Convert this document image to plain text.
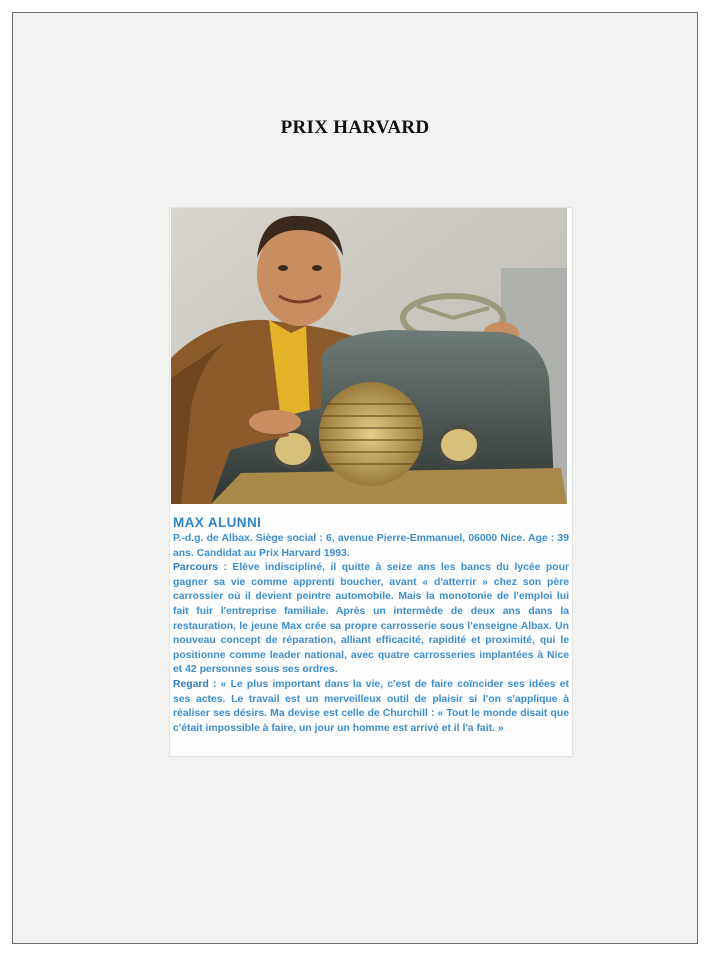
PRIX HARVARD
MAX ALUNNI

P.-d.g. de Albax. Siège social : 6, avenue Pierre-Emmanuel, 06000 Nice. Age : 39 ans. Candidat au Prix Harvard 1993.

Parcours : Elève indiscipliné, il quitte à seize ans les bancs du lycée pour gagner sa vie comme apprenti boucher, avant « d'atterrir » chez son père carrossier où il devient peintre automobile. Mais la monotonie de l'emploi lui fait fuir l'entreprise familiale. Après un intermède de deux ans dans la restauration, le jeune Max crée sa propre carrosserie sous l'enseigne Albax. Un nouveau concept de réparation, alliant efficacité, rapidité et proximité, qui le positionne comme leader national, avec quatre carrosseries implantées à Nice et 42 personnes sous ses ordres.

Regard : « Le plus important dans la vie, c'est de faire coïncider ses idées et ses actes. Le travail est un merveilleux outil de plaisir si l'on s'applique à réaliser ses désirs. Ma devise est celle de Churchill : « Tout le monde disait que c'était impossible à faire, un jour un homme est arrivé et il l'a fait. »
